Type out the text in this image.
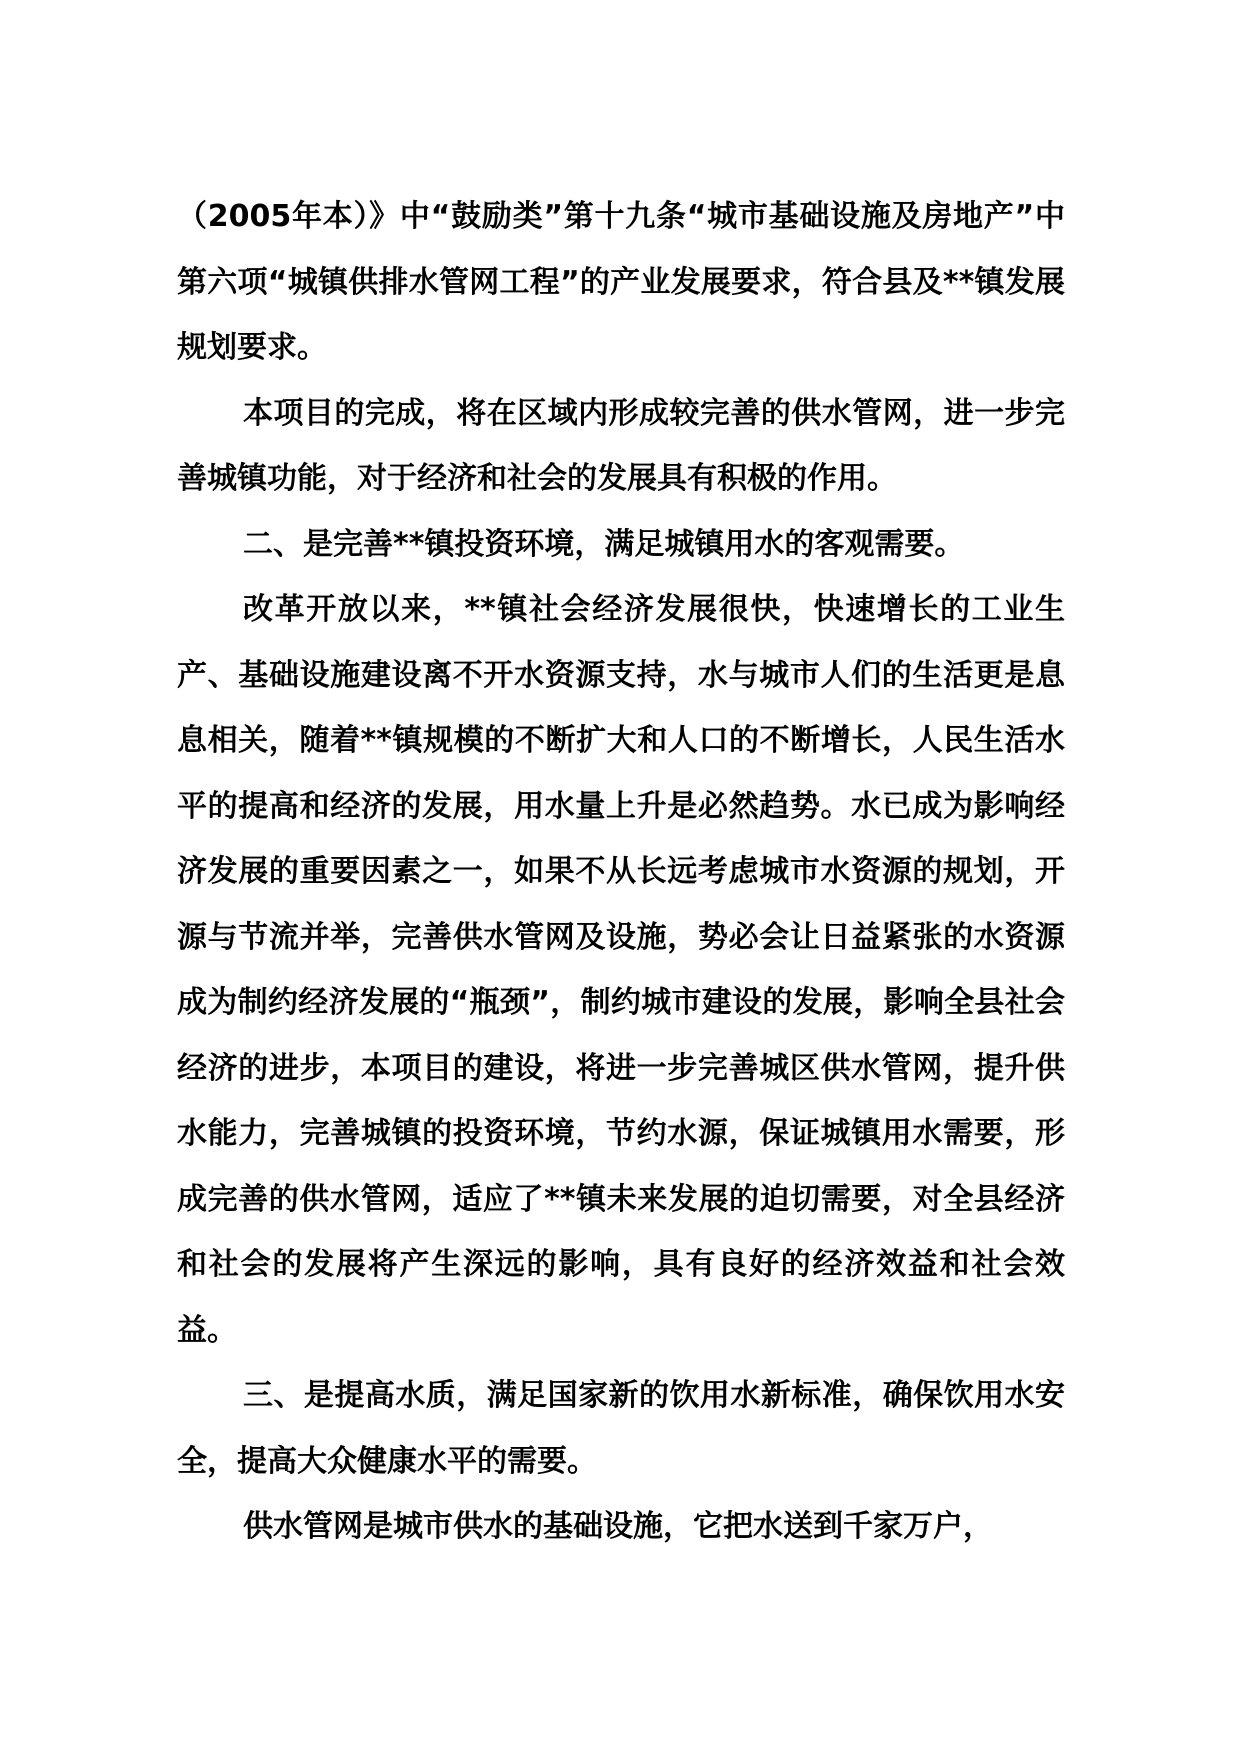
（2005年本）》中“鼓励类”第十九条“城市基础设施及房地产”中第六项“城镇供排水管网工程”的产业发展要求，符合县及**镇发展规划要求。

本项目的完成，将在区域内形成较完善的供水管网，进一步完善城镇功能，对于经济和社会的发展具有积极的作用。

二、是完善**镇投资环境，满足城镇用水的客观需要。

改革开放以来，**镇社会经济发展很快，快速增长的工业生产、基础设施建设离不开水资源支持，水与城市人们的生活更是息息相关，随着**镇规模的不断扩大和人口的不断增长，人民生活水平的提高和经济的发展，用水量上升是必然趋势。水已成为影响经济发展的重要因素之一，如果不从长远考虑城市水资源的规划，开源与节流并举，完善供水管网及设施，势必会让日益紧张的水资源成为制约经济发展的“瓶颈”，制约城市建设的发展，影响全县社会经济的进步，本项目的建设，将进一步完善城区供水管网，提升供水能力，完善城镇的投资环境，节约水源，保证城镇用水需要，形成完善的供水管网，适应了**镇未来发展的迫切需要，对全县经济和社会的发展将产生深远的影响，具有良好的经济效益和社会效益。

三、是提高水质，满足国家新的饮用水新标准，确保饮用水安全，提高大众健康水平的需要。

供水管网是城市供水的基础设施，它把水送到千家万户，
